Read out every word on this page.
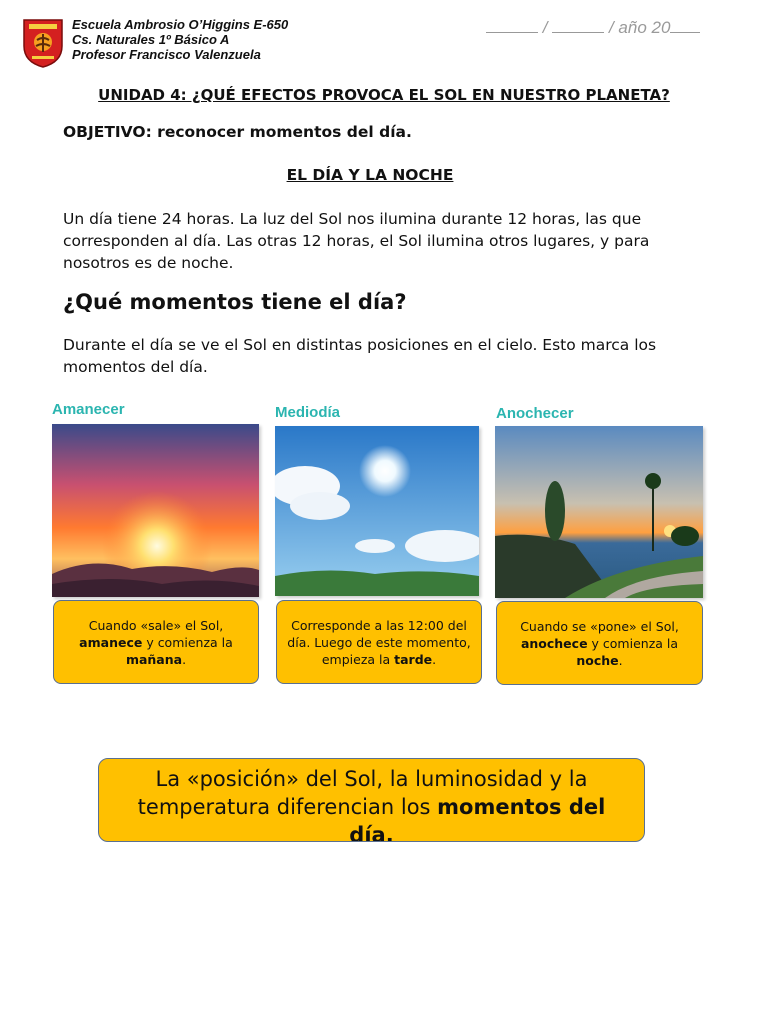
Escuela Ambrosio O’Higgins E-650
Cs. Naturales 1º Básico A
Profesor Francisco Valenzuela
/	/ año 20
UNIDAD 4: ¿QUÉ EFECTOS PROVOCA EL SOL EN NUESTRO PLANETA?
OBJETIVO: reconocer momentos del día.
EL DÍA Y LA NOCHE
Un día tiene 24 horas. La luz del Sol nos ilumina durante 12 horas, las que corresponden al día. Las otras 12 horas, el Sol ilumina otros lugares, y para nosotros es de noche.
¿Qué momentos tiene el día?
Durante el día se ve el Sol en distintas posiciones en el cielo. Esto marca los momentos del día.
Amanecer	Mediodía	Anochecer
Cuando «sale» el Sol, amanece y comienza la mañana.
Corresponde a las 12:00 del día. Luego de este momento, empieza la tarde.
Cuando se «pone» el Sol, anochece y comienza la noche.
La «posición» del Sol, la luminosidad y la temperatura diferencian los momentos del día.
